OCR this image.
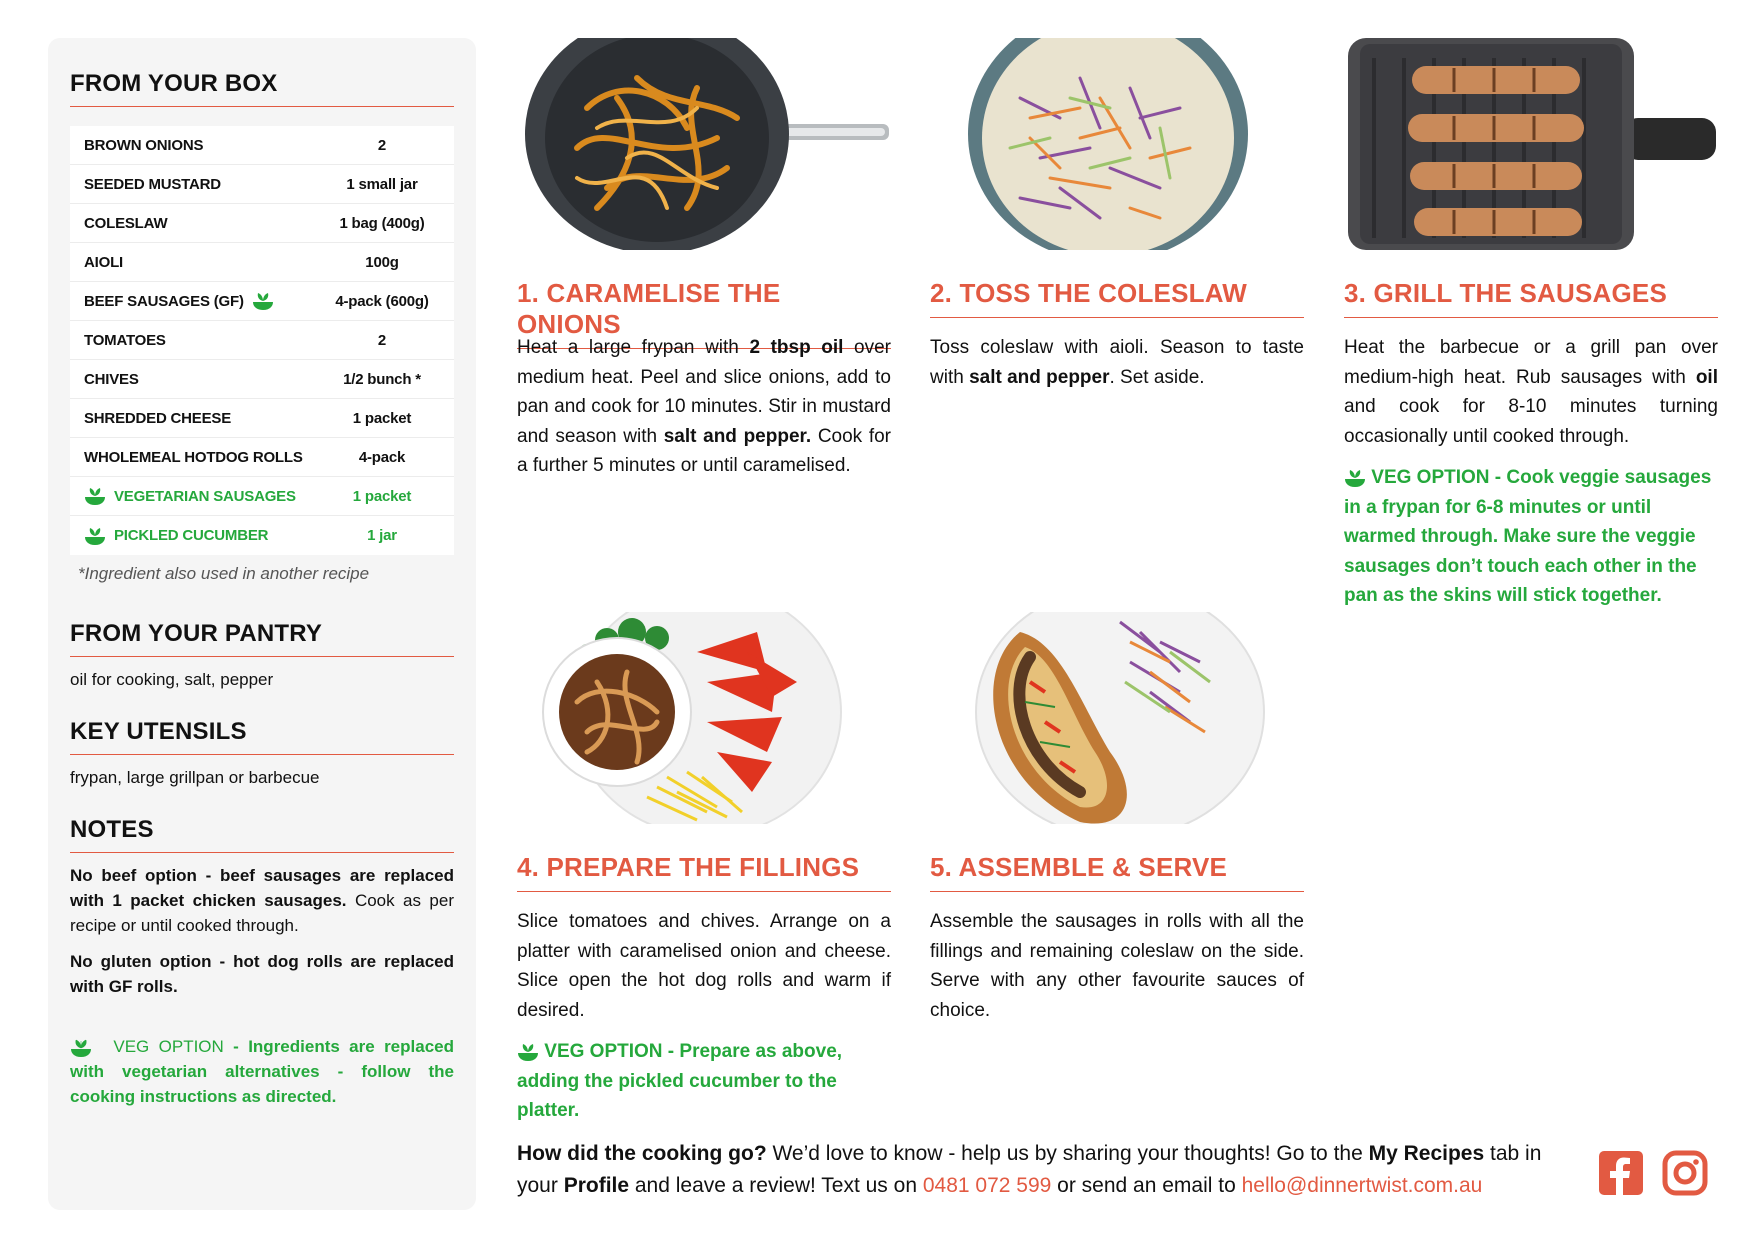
FROM YOUR BOX
BROWN ONIONS	2
SEEDED MUSTARD	1 small jar
COLESLAW	1 bag (400g)
AIOLI	100g
BEEF SAUSAGES (GF)	4-pack (600g)
TOMATOES	2
CHIVES	1/2 bunch *
SHREDDED CHEESE	1 packet
WHOLEMEAL HOTDOG ROLLS	4-pack
VEGETARIAN SAUSAGES	1 packet
PICKLED CUCUMBER	1 jar
*Ingredient also used in another recipe
FROM YOUR PANTRY
oil for cooking, salt, pepper
KEY UTENSILS
frypan, large grillpan or barbecue
NOTES
No beef option - beef sausages are replaced with 1 packet chicken sausages. Cook as per recipe or until cooked through.
No gluten option - hot dog rolls are replaced with GF rolls.
VEG OPTION - Ingredients are replaced with vegetarian alternatives - follow the cooking instructions as directed.
1. CARAMELISE THE ONIONS
Heat a large frypan with 2 tbsp oil over medium heat. Peel and slice onions, add to pan and cook for 10 minutes. Stir in mustard and season with salt and pepper. Cook for a further 5 minutes or until caramelised.
2. TOSS THE COLESLAW
Toss coleslaw with aioli. Season to taste with salt and pepper. Set aside.
3. GRILL THE SAUSAGES
Heat the barbecue or a grill pan over medium-high heat. Rub sausages with oil and cook for 8-10 minutes turning occasionally until cooked through.
VEG OPTION - Cook veggie sausages in a frypan for 6-8 minutes or until warmed through. Make sure the veggie sausages don’t touch each other in the pan as the skins will stick together.
4. PREPARE THE FILLINGS
Slice tomatoes and chives. Arrange on a platter with caramelised onion and cheese. Slice open the hot dog rolls and warm if desired.
VEG OPTION - Prepare as above, adding the pickled cucumber to the platter.
5. ASSEMBLE & SERVE
Assemble the sausages in rolls with all the fillings and remaining coleslaw on the side. Serve with any other favourite sauces of choice.
How did the cooking go? We’d love to know - help us by sharing your thoughts! Go to the My Recipes tab in your Profile and leave a review! Text us on 0481 072 599 or send an email to hello@dinnertwist.com.au
